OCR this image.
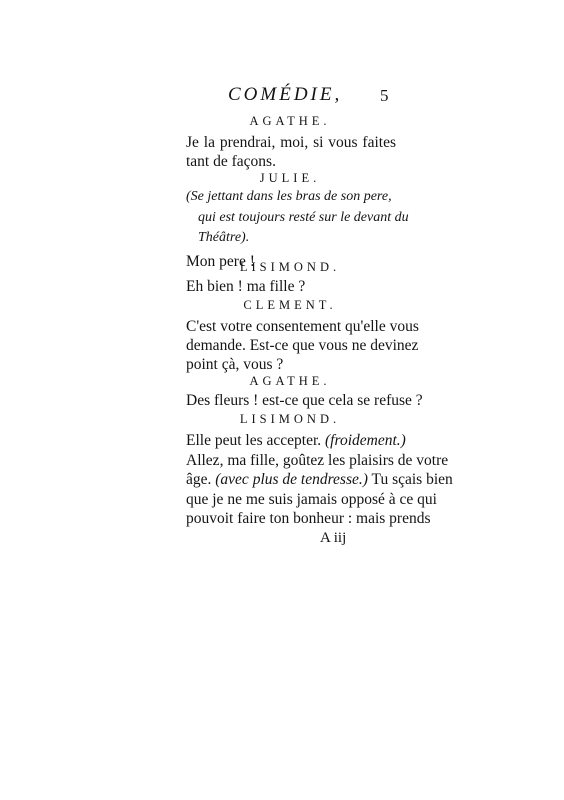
COMÉDIE, 5
AGATHE.
Je la prendrai, moi, si vous faites
tant de façons.
JULIE.
(Se jettant dans les bras de son pere,
qui est toujours resté sur le devant du
Théâtre).
Mon pere !
LISIMOND.
Eh bien ! ma fille ?
CLEMENT.
C'est votre consentement qu'elle vous
demande. Est-ce que vous ne devinez
point çà, vous ?
AGATHE.
Des fleurs ! est-ce que cela se refuse ?
LISIMOND.
Elle peut les accepter. (froidement.)
Allez, ma fille, goûtez les plaisirs de votre
âge. (avec plus de tendresse.) Tu sçais bien
que je ne me suis jamais opposé à ce qui
pouvoit faire ton bonheur : mais prends
A iij
